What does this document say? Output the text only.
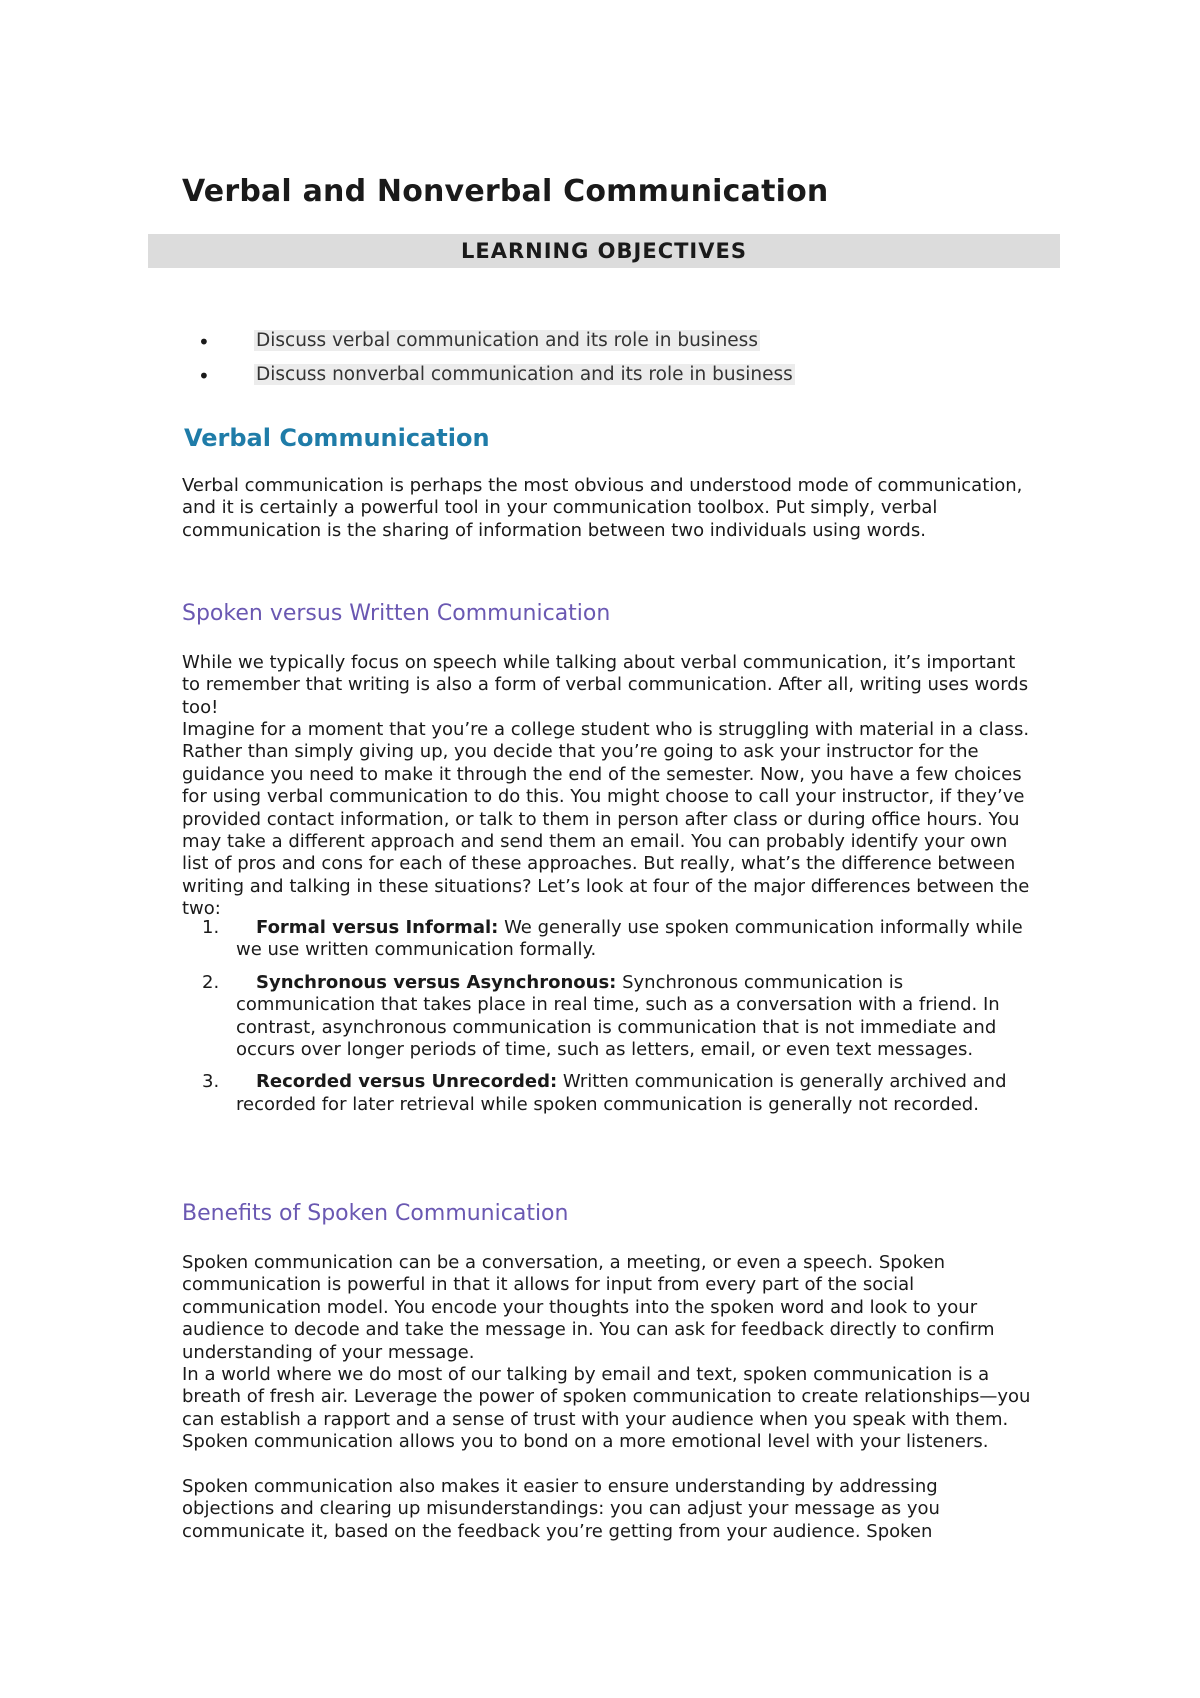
Verbal and Nonverbal Communication
LEARNING OBJECTIVES
• Discuss verbal communication and its role in business
• Discuss nonverbal communication and its role in business
Verbal Communication

Verbal communication is perhaps the most obvious and understood mode of communication, and it is certainly a powerful tool in your communication toolbox. Put simply, verbal communication is the sharing of information between two individuals using words.

Spoken versus Written Communication

While we typically focus on speech while talking about verbal communication, it’s important to remember that writing is also a form of verbal communication. After all, writing uses words too!

Imagine for a moment that you’re a college student who is struggling with material in a class. Rather than simply giving up, you decide that you’re going to ask your instructor for the guidance you need to make it through the end of the semester. Now, you have a few choices for using verbal communication to do this. You might choose to call your instructor, if they’ve provided contact information, or talk to them in person after class or during office hours. You may take a different approach and send them an email. You can probably identify your own list of pros and cons for each of these approaches. But really, what’s the difference between writing and talking in these situations? Let’s look at four of the major differences between the two:

1.	Formal versus Informal: We generally use spoken communication informally while we use written communication formally.
2.	Synchronous versus Asynchronous: Synchronous communication is communication that takes place in real time, such as a conversation with a friend. In contrast, asynchronous communication is communication that is not immediate and occurs over longer periods of time, such as letters, email, or even text messages.
3.	Recorded versus Unrecorded: Written communication is generally archived and recorded for later retrieval while spoken communication is generally not recorded.
Benefits of Spoken Communication

Spoken communication can be a conversation, a meeting, or even a speech. Spoken communication is powerful in that it allows for input from every part of the social communication model. You encode your thoughts into the spoken word and look to your audience to decode and take the message in. You can ask for feedback directly to confirm understanding of your message.

In a world where we do most of our talking by email and text, spoken communication is a breath of fresh air. Leverage the power of spoken communication to create relationships—you can establish a rapport and a sense of trust with your audience when you speak with them. Spoken communication allows you to bond on a more emotional level with your listeners.

Spoken communication also makes it easier to ensure understanding by addressing objections and clearing up misunderstandings: you can adjust your message as you communicate it, based on the feedback you’re getting from your audience. Spoken
